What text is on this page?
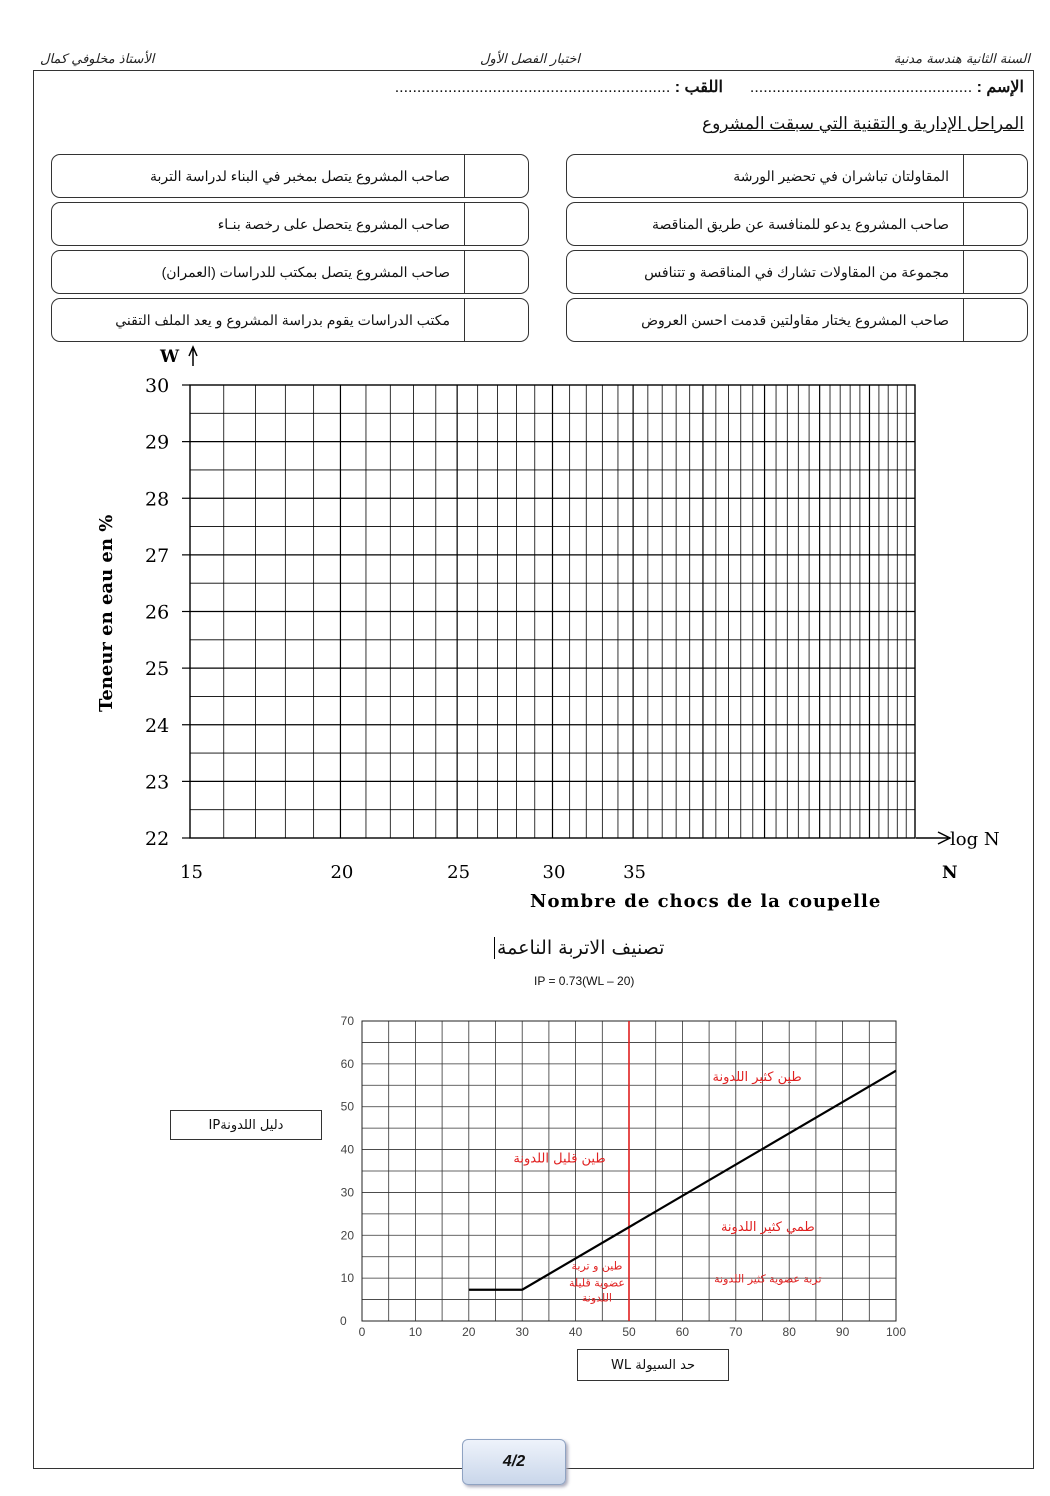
السنة الثانية هندسة مدنية
اختبار الفصل الأول
الأستاذ مخلوفي كمال
الإسم : ..................................................  اللقب : ..............................................................
المراحل الإدارية و التقنية التي سبقت المشروع
المقاولتان تباشران في تحضير الورشة
صاحب المشروع يدعو للمنافسة عن طريق المناقصة
مجموعة من المقاولات تشارك في المناقصة و تتنافس
صاحب المشروع يختار مقاولتين قدمت احسن العروض
صاحب المشروع يتصل بمخبر في البناء لدراسة التربة
صاحب المشروع يتحصل على رخصة بنـاء
صاحب المشروع يتصل بمكتب للدراسات (العمران)
مكتب الدراسات يقوم بدراسة المشروع و يعد الملف التقني
W
Teneur en eau en %
30
29
28
27
26
25
24
23
22
15	20	25	30	35
log N
N
Nombre de chocs de la coupelle
تصنيف الاتربة الناعمة
IP = 0.73(WL – 20)
0	10	20	30	40	50	60	70	80	90	100
0
10
20
30
40
50
60
70
طين كثير اللدونة
طين قليل اللدونة
طمي كثير اللدونة
تربة عضوية كثير اللدونة
طين و تربة
عضوية قليلة
اللدونة
دليل اللدونةIP
حد السيولة WL
4/2
